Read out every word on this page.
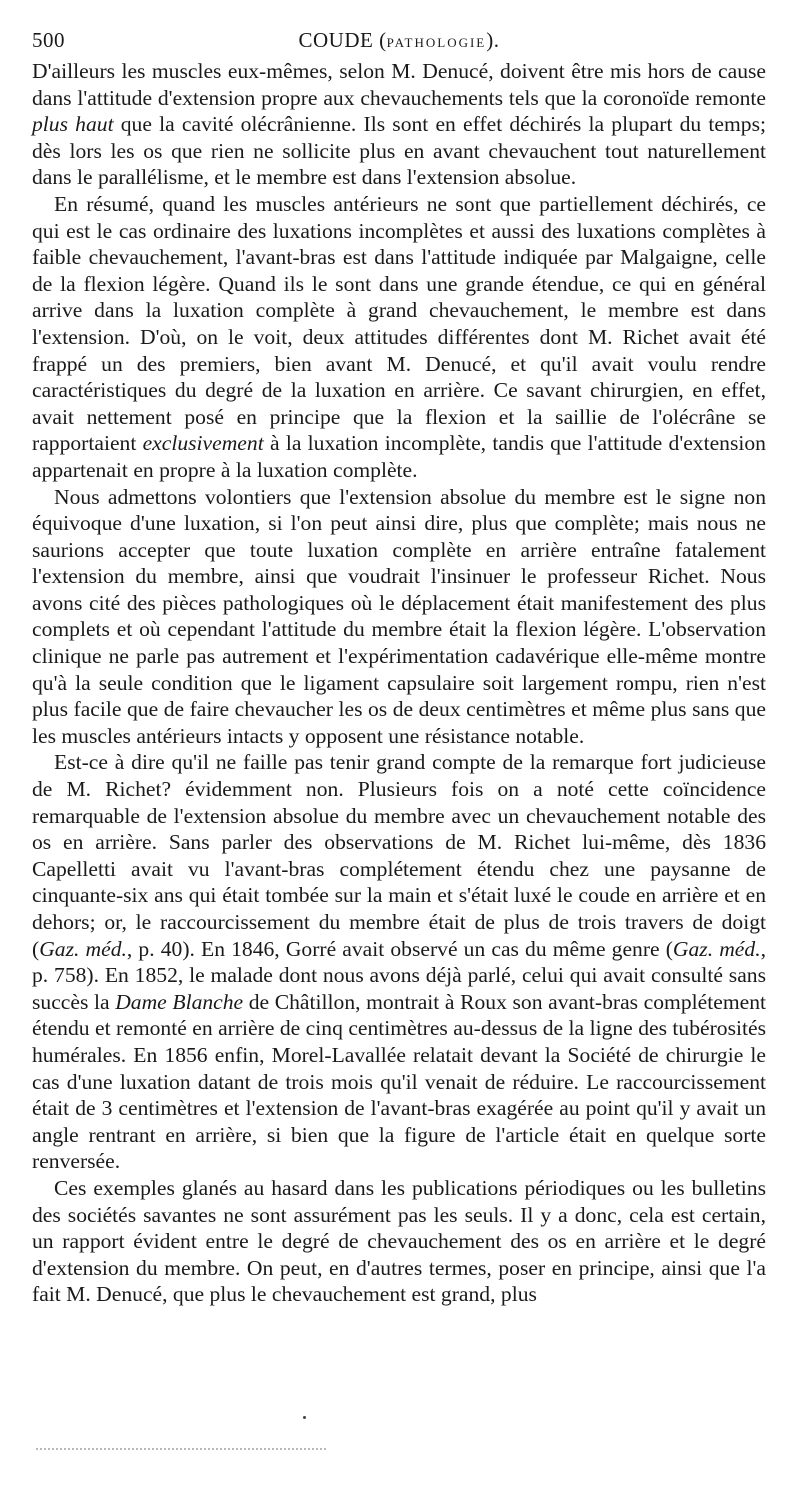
500	COUDE (PATHOLOGIE).

D'ailleurs les muscles eux-mêmes, selon M. Denucé, doivent être mis hors de cause dans l'attitude d'extension propre aux chevauchements tels que la coronoïde remonte plus haut que la cavité olécrânienne. Ils sont en effet déchirés la plupart du temps; dès lors les os que rien ne sollicite plus en avant chevauchent tout naturellement dans le parallélisme, et le membre est dans l'extension absolue.

En résumé, quand les muscles antérieurs ne sont que partiellement déchirés, ce qui est le cas ordinaire des luxations incomplètes et aussi des luxations complètes à faible chevauchement, l'avant-bras est dans l'attitude indiquée par Malgaigne, celle de la flexion légère. Quand ils le sont dans une grande étendue, ce qui en général arrive dans la luxation complète à grand chevauchement, le membre est dans l'extension. D'où, on le voit, deux attitudes différentes dont M. Richet avait été frappé un des premiers, bien avant M. Denucé, et qu'il avait voulu rendre caractéristiques du degré de la luxation en arrière. Ce savant chirurgien, en effet, avait nettement posé en principe que la flexion et la saillie de l'olécrâne se rapportaient exclusivement à la luxation incomplète, tandis que l'attitude d'extension appartenait en propre à la luxation complète.

Nous admettons volontiers que l'extension absolue du membre est le signe non équivoque d'une luxation, si l'on peut ainsi dire, plus que complète; mais nous ne saurions accepter que toute luxation complète en arrière entraîne fatalement l'extension du membre, ainsi que voudrait l'insinuer le professeur Richet. Nous avons cité des pièces pathologiques où le déplacement était manifestement des plus complets et où cependant l'attitude du membre était la flexion légère. L'observation clinique ne parle pas autrement et l'expérimentation cadavérique elle-même montre qu'à la seule condition que le ligament capsulaire soit largement rompu, rien n'est plus facile que de faire chevaucher les os de deux centimètres et même plus sans que les muscles antérieurs intacts y opposent une résistance notable.

Est-ce à dire qu'il ne faille pas tenir grand compte de la remarque fort judicieuse de M. Richet? évidemment non. Plusieurs fois on a noté cette coïncidence remarquable de l'extension absolue du membre avec un chevauchement notable des os en arrière. Sans parler des observations de M. Richet lui-même, dès 1836 Capelletti avait vu l'avant-bras complétement étendu chez une paysanne de cinquante-six ans qui était tombée sur la main et s'était luxé le coude en arrière et en dehors; or, le raccourcissement du membre était de plus de trois travers de doigt (Gaz. méd., p. 40). En 1846, Gorré avait observé un cas du même genre (Gaz. méd., p. 758). En 1852, le malade dont nous avons déjà parlé, celui qui avait consulté sans succès la Dame Blanche de Châtillon, montrait à Roux son avant-bras complétement étendu et remonté en arrière de cinq centimètres au-dessus de la ligne des tubérosités humérales. En 1856 enfin, Morel-Lavallée relatait devant la Société de chirurgie le cas d'une luxation datant de trois mois qu'il venait de réduire. Le raccourcissement était de 3 centimètres et l'extension de l'avant-bras exagérée au point qu'il y avait un angle rentrant en arrière, si bien que la figure de l'article était en quelque sorte renversée.

Ces exemples glanés au hasard dans les publications périodiques ou les bulletins des sociétés savantes ne sont assurément pas les seuls. Il y a donc, cela est certain, un rapport évident entre le degré de chevauchement des os en arrière et le degré d'extension du membre. On peut, en d'autres termes, poser en principe, ainsi que l'a fait M. Denucé, que plus le chevauchement est grand, plus
